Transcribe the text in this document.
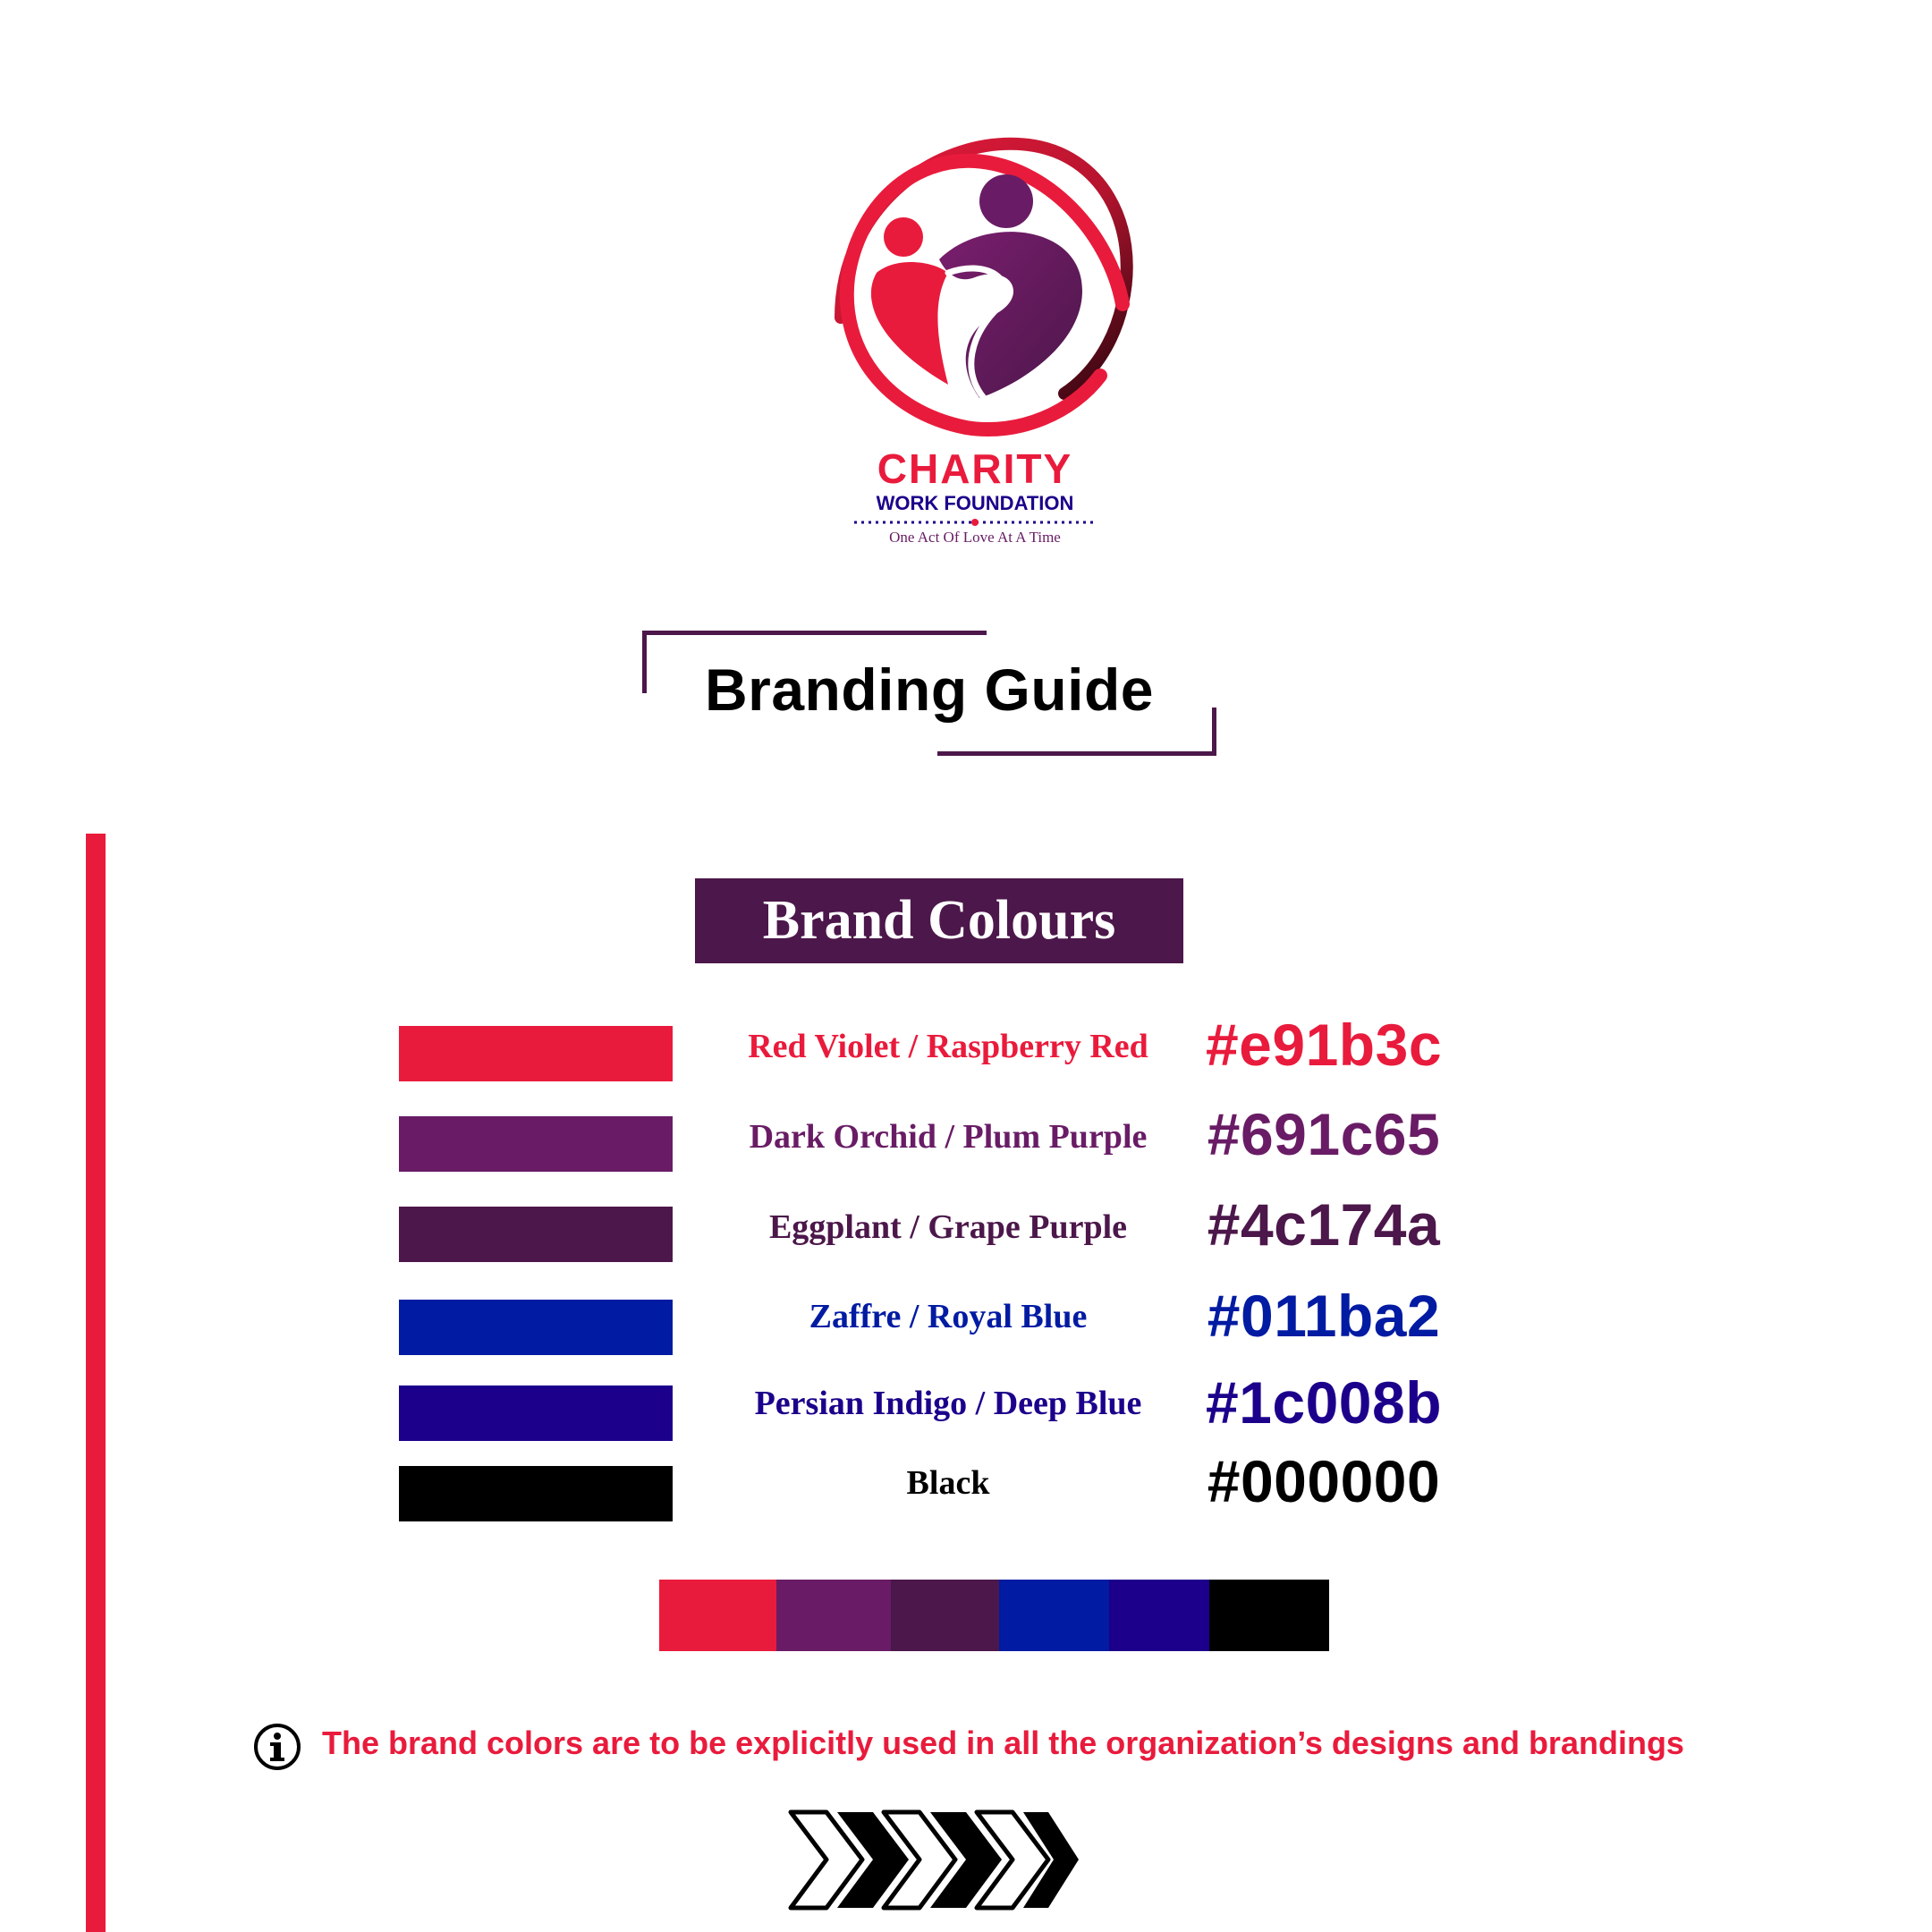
CHARITY
WORK FOUNDATION
One Act Of Love At A Time
Branding Guide
Brand Colours
Red Violet / Raspberry Red #e91b3c
Dark Orchid / Plum Purple	#691c65
Eggplant / Grape Purple	#4c174a
Zaffre / Royal Blue	#011ba2
Persian Indigo / Deep Blue	#1c008b
Black	#000000
The brand colors are to be explicitly used in all the organization’s designs and brandings
